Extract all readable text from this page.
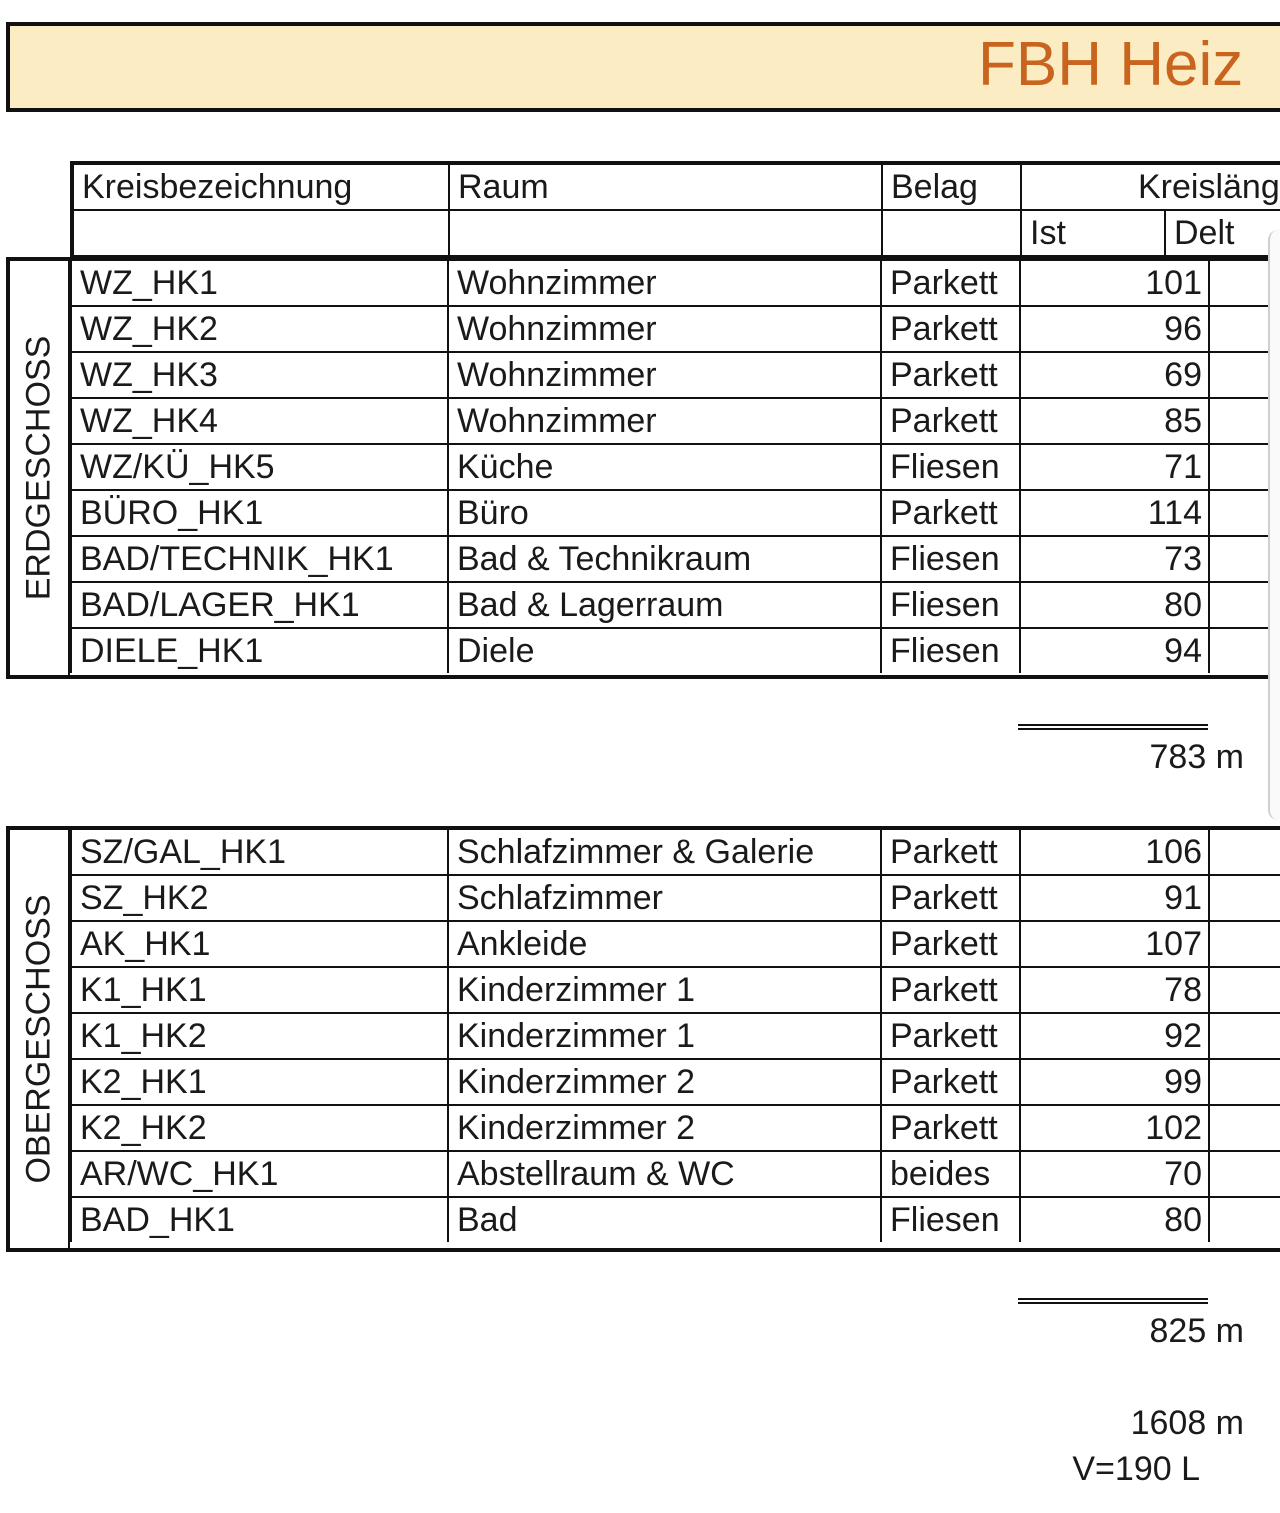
FBH Heiz
Kreisbezeichnung	Raum	Belag	Kreisläng	
			Ist	Delt
ERDGESCHOSS
WZ_HK1	Wohnzimmer	Parkett	101	
WZ_HK2	Wohnzimmer	Parkett	96	
WZ_HK3	Wohnzimmer	Parkett	69	
WZ_HK4	Wohnzimmer	Parkett	85	
WZ/KÜ_HK5	Küche	Fliesen	71	
BÜRO_HK1	Büro	Parkett	114	
BAD/TECHNIK_HK1	Bad & Technikraum	Fliesen	73	
BAD/LAGER_HK1	Bad & Lagerraum	Fliesen	80	
DIELE_HK1	Diele	Fliesen	94	
783 m
OBERGESCHOSS
SZ/GAL_HK1	Schlafzimmer & Galerie	Parkett	106	
SZ_HK2	Schlafzimmer	Parkett	91	
AK_HK1	Ankleide	Parkett	107	
K1_HK1	Kinderzimmer 1	Parkett	78	
K1_HK2	Kinderzimmer 1	Parkett	92	
K2_HK1	Kinderzimmer 2	Parkett	99	
K2_HK2	Kinderzimmer 2	Parkett	102	
AR/WC_HK1	Abstellraum & WC	beides	70	
BAD_HK1	Bad	Fliesen	80	
825 m
1608 m
V=190 L
